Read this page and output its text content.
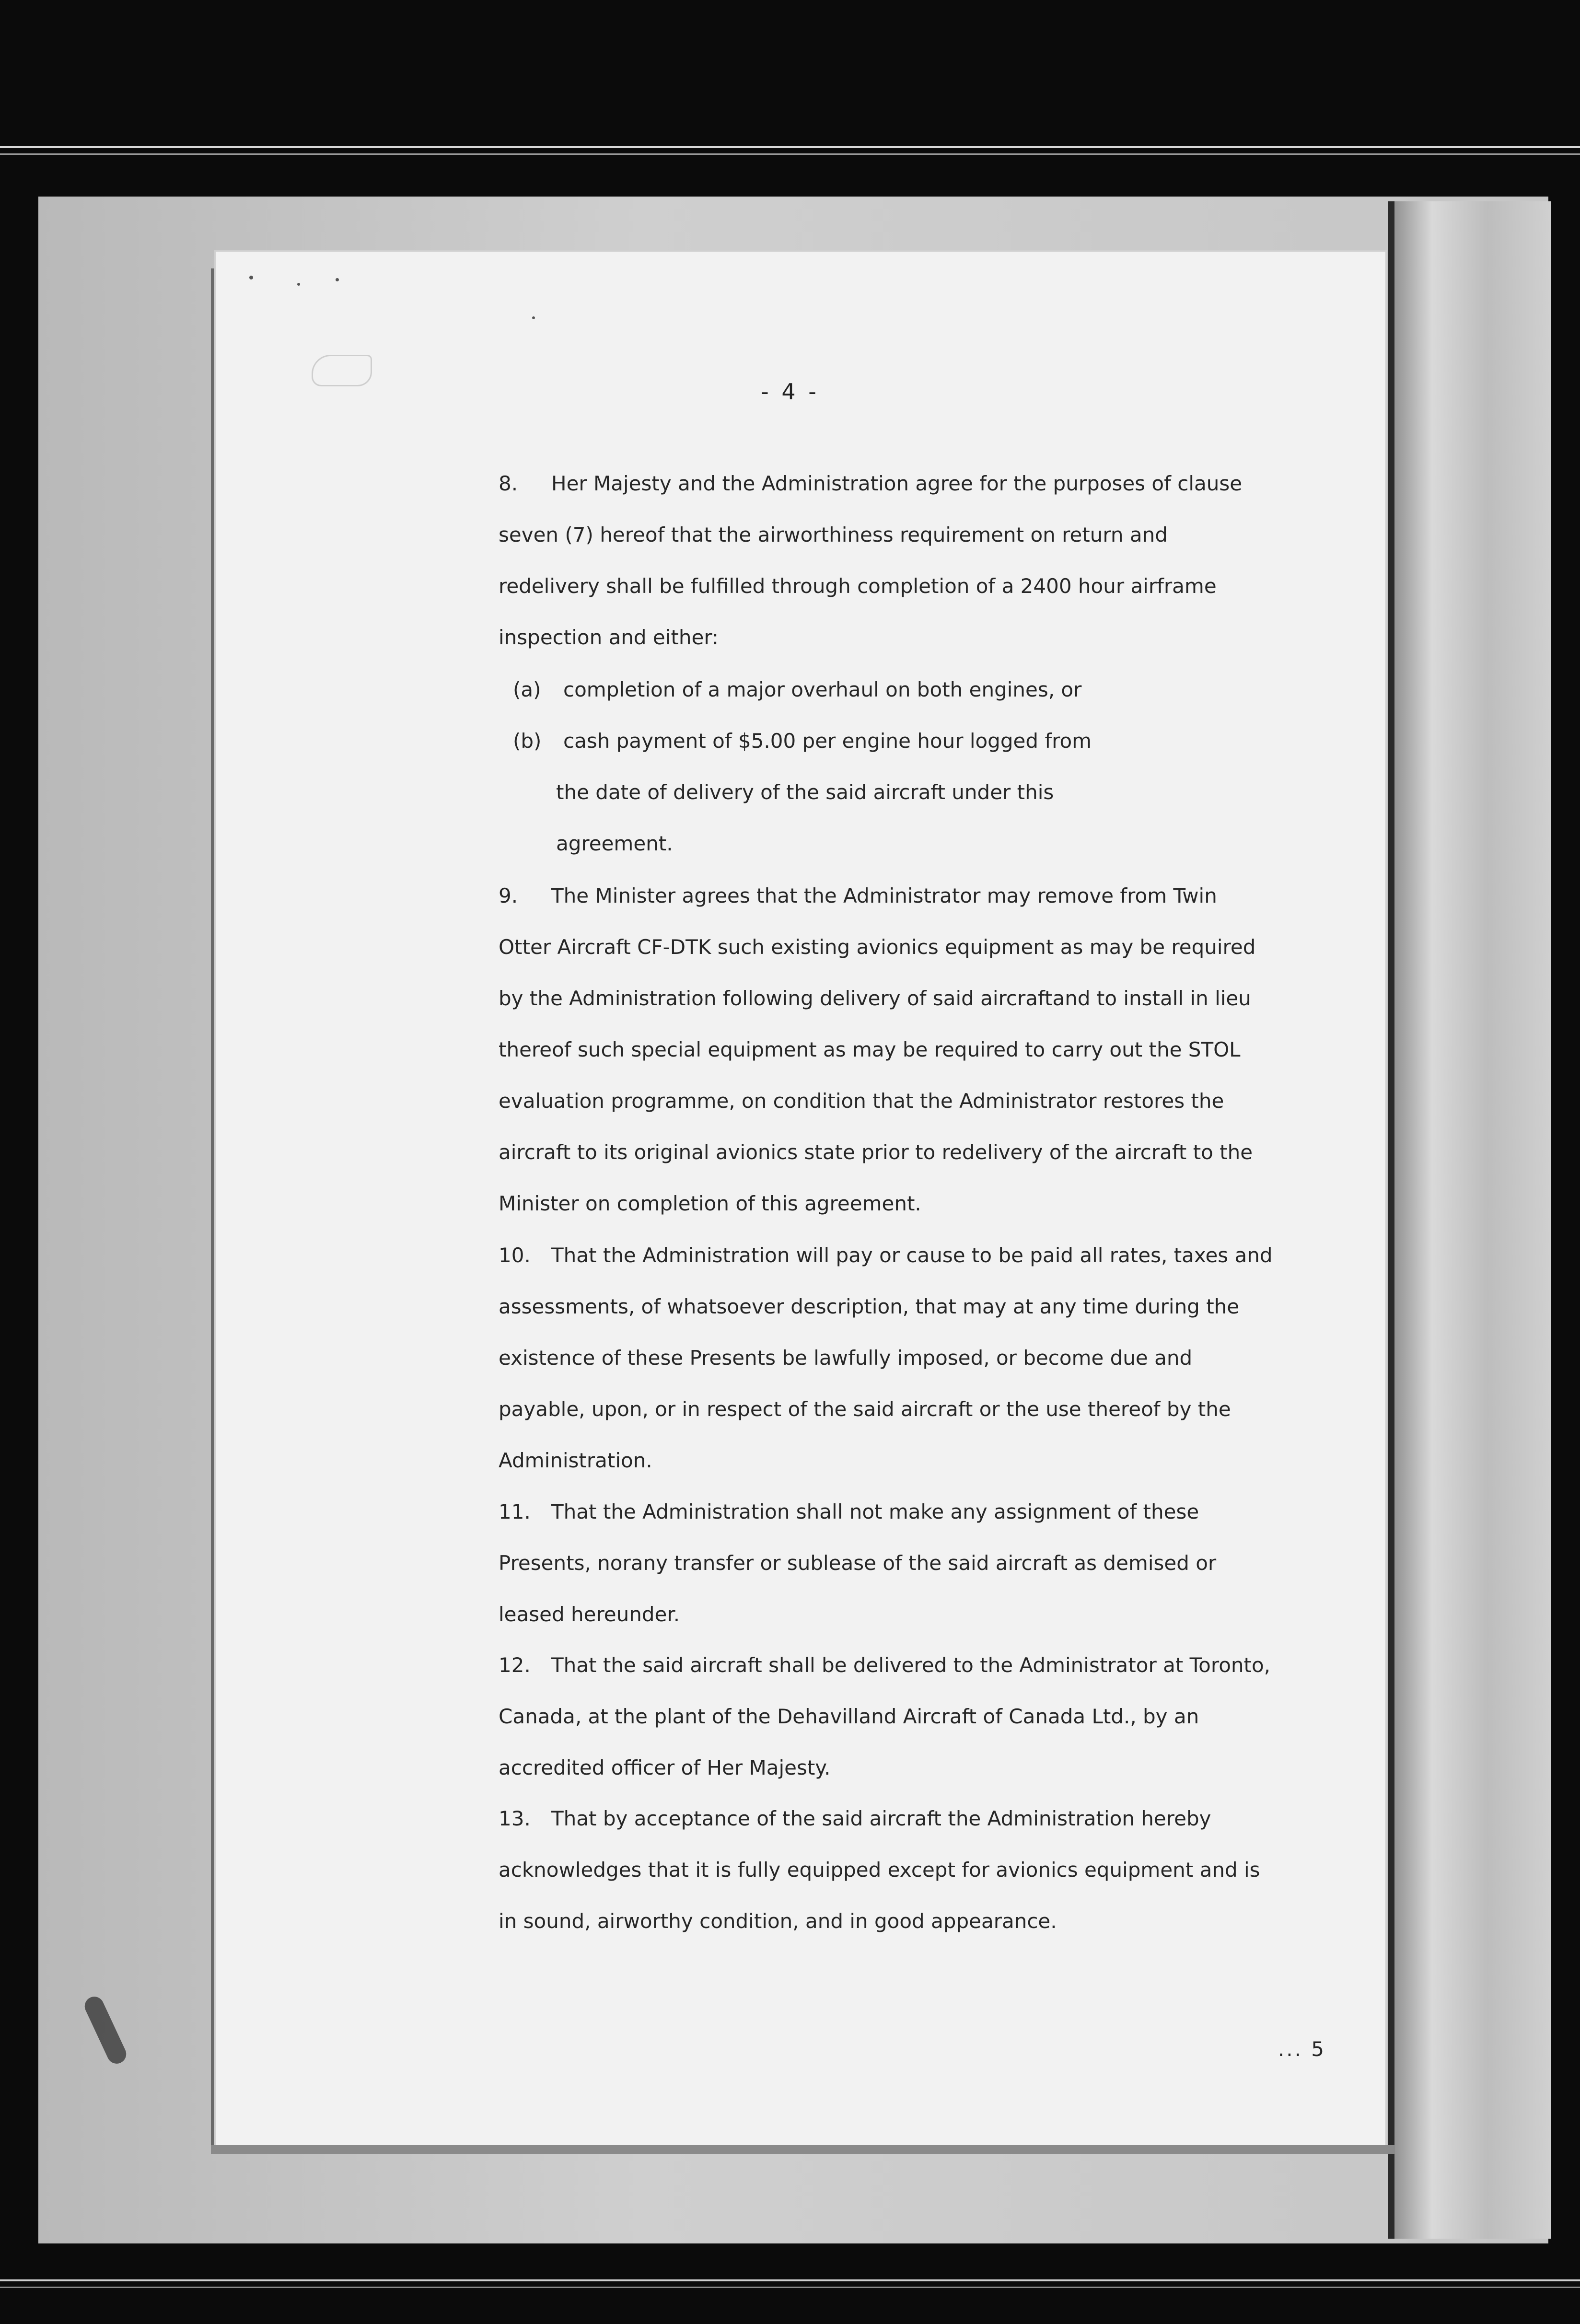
- 4 -
8. Her Majesty and the Administration agree for the purposes of clause seven (7) hereof that the airworthiness requirement on return and redelivery shall be fulfilled through completion of a 2400 hour airframe inspection and either:
(a) completion of a major overhaul on both engines, or
(b) cash payment of $5.00 per engine hour logged from
the date of delivery of the said aircraft under this
agreement.
9. The Minister agrees that the Administrator may remove from Twin Otter Aircraft CF-DTK such existing avionics equipment as may be required by the Administration following delivery of said aircraftand to install in lieu thereof such special equipment as may be required to carry out the STOL evaluation programme, on condition that the Administrator restores the aircraft to its original avionics state prior to redelivery of the aircraft to the Minister on completion of this agreement.
10. That the Administration will pay or cause to be paid all rates, taxes and assessments, of whatsoever description, that may at any time during the existence of these Presents be lawfully imposed, or become due and payable, upon, or in respect of the said aircraft or the use thereof by the Administration.
11. That the Administration shall not make any assignment of these Presents, norany transfer or sublease of the said aircraft as demised or leased hereunder.
12. That the said aircraft shall be delivered to the Administrator at Toronto, Canada, at the plant of the Dehavilland Aircraft of Canada Ltd., by an accredited officer of Her Majesty.
13. That by acceptance of the said aircraft the Administration hereby acknowledges that it is fully equipped except for avionics equipment and is in sound, airworthy condition, and in good appearance.
... 5
